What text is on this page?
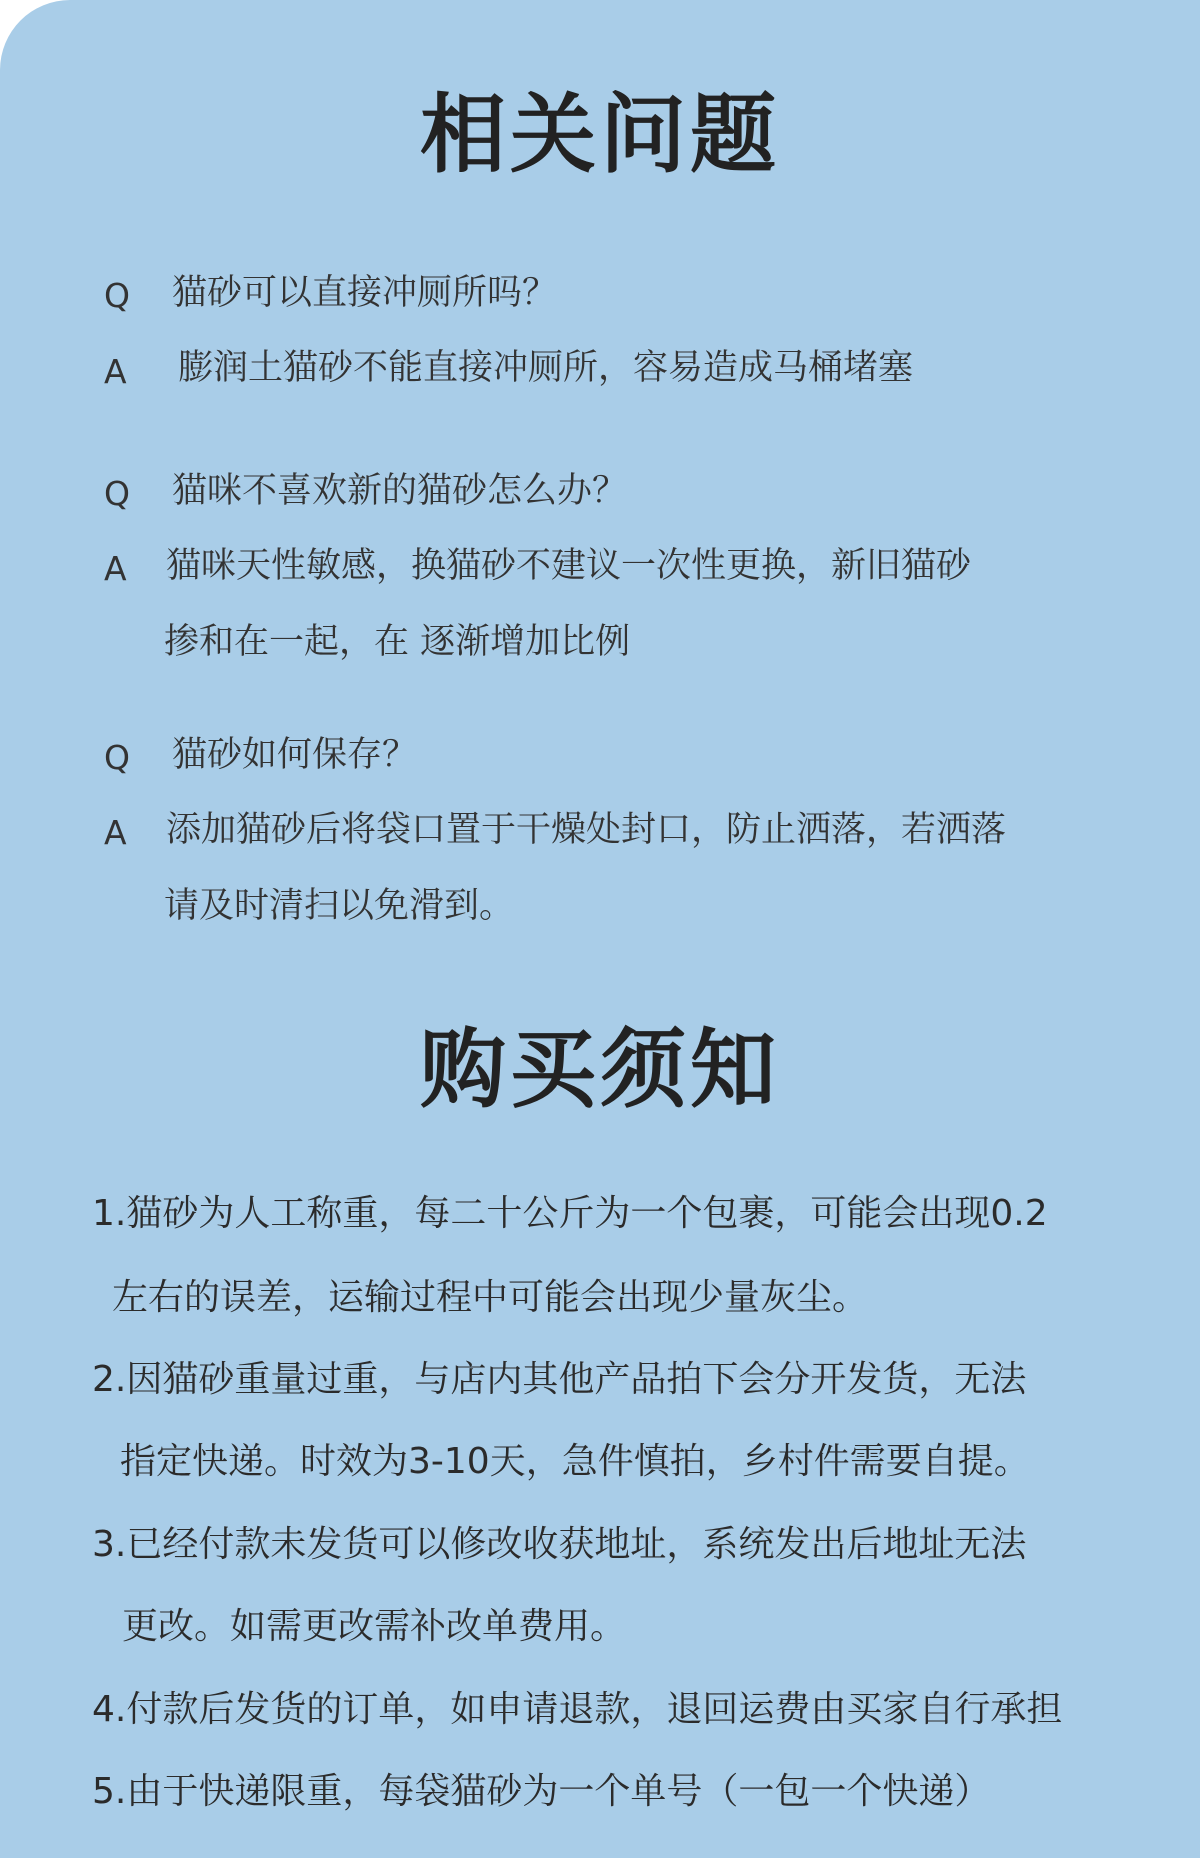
相关问题
Q 猫砂可以直接冲厕所吗？
A 膨润土猫砂不能直接冲厕所，容易造成马桶堵塞
Q 猫咪不喜欢新的猫砂怎么办？
A 猫咪天性敏感，换猫砂不建议一次性更换，新旧猫砂
掺和在一起，在 逐渐增加比例
Q 猫砂如何保存？
A 添加猫砂后将袋口置于干燥处封口，防止洒落，若洒落
请及时清扫以免滑到。
购买须知
1.猫砂为人工称重，每二十公斤为一个包裹，可能会出现0.2
左右的误差，运输过程中可能会出现少量灰尘。
2.因猫砂重量过重，与店内其他产品拍下会分开发货，无法
指定快递。时效为3-10天，急件慎拍，乡村件需要自提。
3.已经付款未发货可以修改收获地址，系统发出后地址无法
更改。如需更改需补改单费用。
4.付款后发货的订单，如申请退款，退回运费由买家自行承担
5.由于快递限重，每袋猫砂为一个单号（一包一个快递）
